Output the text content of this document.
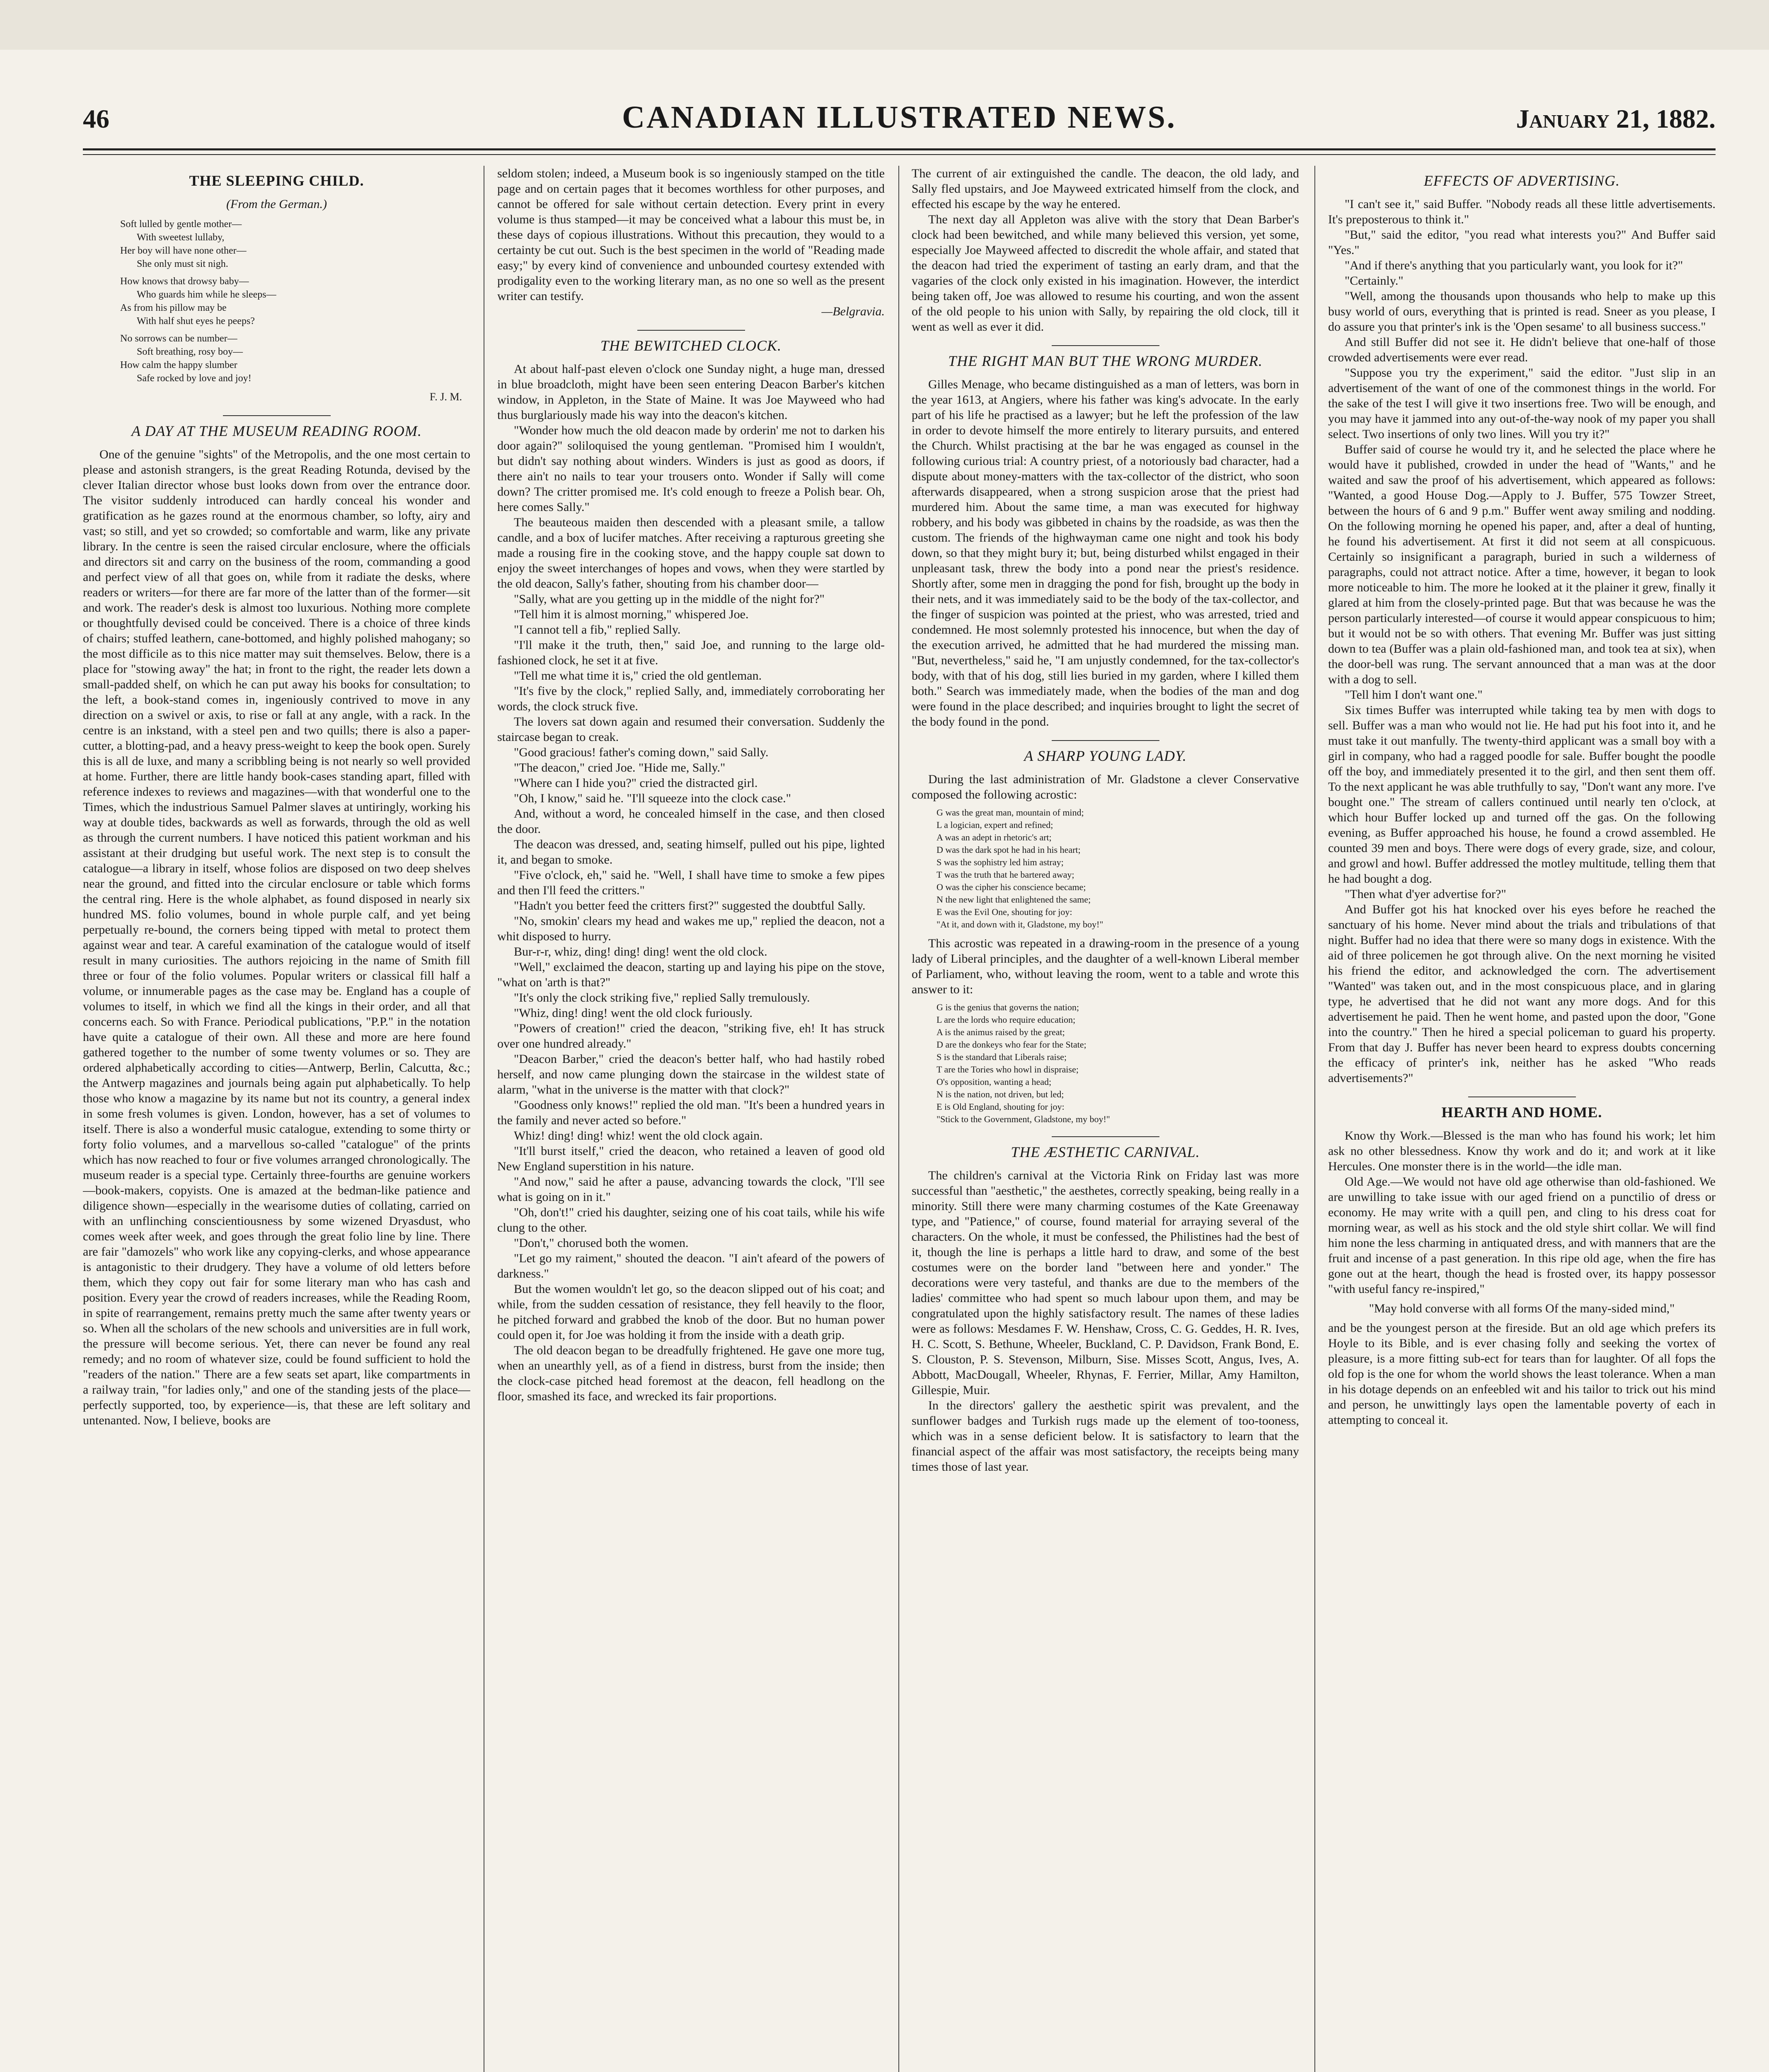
46	CANADIAN ILLUSTRATED NEWS.	January 21, 1882.
THE SLEEPING CHILD.
(From the German.)
Soft lulled by gentle mother—
With sweetest lullaby,
Her boy will have none other—
She only must sit nigh.
How knows that drowsy baby—
Who guards him while he sleeps—
As from his pillow may be
With half shut eyes he peeps?
No sorrows can be number—
Soft breathing, rosy boy—
How calm the happy slumber
Safe rocked by love and joy!
F. J. M.
A DAY AT THE MUSEUM READING ROOM.

One of the genuine "sights" of the Metropolis, and the one most certain to please and astonish strangers, is the great Reading Rotunda, devised by the clever Italian director whose bust looks down from over the entrance door. The visitor suddenly introduced can hardly conceal his wonder and gratification as he gazes round at the enormous chamber, so lofty, airy and vast; so still, and yet so crowded; so comfortable and warm, like any private library. In the centre is seen the raised circular enclosure, where the officials and directors sit and carry on the business of the room, commanding a good and perfect view of all that goes on, while from it radiate the desks, where readers or writers—for there are far more of the latter than of the former—sit and work. The reader's desk is almost too luxurious. Nothing more complete or thoughtfully devised could be conceived. There is a choice of three kinds of chairs; stuffed leathern, cane-bottomed, and highly polished mahogany; so the most difficile as to this nice matter may suit themselves. Below, there is a place for "stowing away" the hat; in front to the right, the reader lets down a small-padded shelf, on which he can put away his books for consultation; to the left, a book-stand comes in, ingeniously contrived to move in any direction on a swivel or axis, to rise or fall at any angle, with a rack. In the centre is an inkstand, with a steel pen and two quills; there is also a paper-cutter, a blotting-pad, and a heavy press-weight to keep the book open. Surely this is all de luxe, and many a scribbling being is not nearly so well provided at home. Further, there are little handy book-cases standing apart, filled with reference indexes to reviews and magazines—with that wonderful one to the Times, which the industrious Samuel Palmer slaves at untiringly, working his way at double tides, backwards as well as forwards, through the old as well as through the current numbers. I have noticed this patient workman and his assistant at their drudging but useful work. The next step is to consult the catalogue—a library in itself, whose folios are disposed on two deep shelves near the ground, and fitted into the circular enclosure or table which forms the central ring. Here is the whole alphabet, as found disposed in nearly six hundred MS. folio volumes, bound in whole purple calf, and yet being perpetually re-bound, the corners being tipped with metal to protect them against wear and tear. A careful examination of the catalogue would of itself result in many curiosities. The authors rejoicing in the name of Smith fill three or four of the folio volumes. Popular writers or classical fill half a volume, or innumerable pages as the case may be. England has a couple of volumes to itself, in which we find all the kings in their order, and all that concerns each. So with France. Periodical publications, "P.P." in the notation have quite a catalogue of their own. All these and more are here found gathered together to the number of some twenty volumes or so. They are ordered alphabetically according to cities—Antwerp, Berlin, Calcutta, &c.; the Antwerp magazines and journals being again put alphabetically. To help those who know a magazine by its name but not its country, a general index in some fresh volumes is given. London, however, has a set of volumes to itself. There is also a wonderful music catalogue, extending to some thirty or forty folio volumes, and a marvellous so-called "catalogue" of the prints which has now reached to four or five volumes arranged chronologically. The museum reader is a special type. Certainly three-fourths are genuine workers—book-makers, copyists. One is amazed at the bedman-like patience and diligence shown—especially in the wearisome duties of collating, carried on with an unflinching conscientiousness by some wizened Dryasdust, who comes week after week, and goes through the great folio line by line. There are fair "damozels" who work like any copying-clerks, and whose appearance is antagonistic to their drudgery. They have a volume of old letters before them, which they copy out fair for some literary man who has cash and position. Every year the crowd of readers increases, while the Reading Room, in spite of rearrangement, remains pretty much the same after twenty years or so. When all the scholars of the new schools and universities are in full work, the pressure will become serious. Yet, there can never be found any real remedy; and no room of whatever size, could be found sufficient to hold the "readers of the nation." There are a few seats set apart, like compartments in a railway train, "for ladies only," and one of the standing jests of the place—perfectly supported, too, by experience—is, that these are left solitary and untenanted. Now, I believe, books are

seldom stolen; indeed, a Museum book is so ingeniously stamped on the title page and on certain pages that it becomes worthless for other purposes, and cannot be offered for sale without certain detection. Every print in every volume is thus stamped—it may be conceived what a labour this must be, in these days of copious illustrations. Without this precaution, they would to a certainty be cut out. Such is the best specimen in the world of "Reading made easy;" by every kind of convenience and unbounded courtesy extended with prodigality even to the working literary man, as no one so well as the present writer can testify.

—Belgravia.
THE BEWITCHED CLOCK.

At about half-past eleven o'clock one Sunday night, a huge man, dressed in blue broadcloth, might have been seen entering Deacon Barber's kitchen window, in Appleton, in the State of Maine. It was Joe Mayweed who had thus burglariously made his way into the deacon's kitchen.

"Wonder how much the old deacon made by orderin' me not to darken his door again?" soliloquised the young gentleman. "Promised him I wouldn't, but didn't say nothing about winders. Winders is just as good as doors, if there ain't no nails to tear your trousers onto. Wonder if Sally will come down? The critter promised me. It's cold enough to freeze a Polish bear. Oh, here comes Sally."

The beauteous maiden then descended with a pleasant smile, a tallow candle, and a box of lucifer matches. After receiving a rapturous greeting she made a rousing fire in the cooking stove, and the happy couple sat down to enjoy the sweet interchanges of hopes and vows, when they were startled by the old deacon, Sally's father, shouting from his chamber door—

"Sally, what are you getting up in the middle of the night for?"

"Tell him it is almost morning," whispered Joe.

"I cannot tell a fib," replied Sally.

"I'll make it the truth, then," said Joe, and running to the large old-fashioned clock, he set it at five.

"Tell me what time it is," cried the old gentleman.

"It's five by the clock," replied Sally, and, immediately corroborating her words, the clock struck five.

The lovers sat down again and resumed their conversation. Suddenly the staircase began to creak.

"Good gracious! father's coming down," said Sally.

"The deacon," cried Joe. "Hide me, Sally."

"Where can I hide you?" cried the distracted girl.

"Oh, I know," said he. "I'll squeeze into the clock case."

And, without a word, he concealed himself in the case, and then closed the door.

The deacon was dressed, and, seating himself, pulled out his pipe, lighted it, and began to smoke.

"Five o'clock, eh," said he. "Well, I shall have time to smoke a few pipes and then I'll feed the critters."

"Hadn't you better feed the critters first?" suggested the doubtful Sally.

"No, smokin' clears my head and wakes me up," replied the deacon, not a whit disposed to hurry.

Bur-r-r, whiz, ding! ding! ding! went the old clock.

"Well," exclaimed the deacon, starting up and laying his pipe on the stove, "what on 'arth is that?"

"It's only the clock striking five," replied Sally tremulously.

"Whiz, ding! ding! went the old clock furiously.

"Powers of creation!" cried the deacon, "striking five, eh! It has struck over one hundred already."

"Deacon Barber," cried the deacon's better half, who had hastily robed herself, and now came plunging down the staircase in the wildest state of alarm, "what in the universe is the matter with that clock?"

"Goodness only knows!" replied the old man. "It's been a hundred years in the family and never acted so before."

Whiz! ding! ding! whiz! went the old clock again.

"It'll burst itself," cried the deacon, who retained a leaven of good old New England superstition in his nature.

"And now," said he after a pause, advancing towards the clock, "I'll see what is going on in it."

"Oh, don't!" cried his daughter, seizing one of his coat tails, while his wife clung to the other.

"Don't," chorused both the women.

"Let go my raiment," shouted the deacon. "I ain't afeard of the powers of darkness."

But the women wouldn't let go, so the deacon slipped out of his coat; and while, from the sudden cessation of resistance, they fell heavily to the floor, he pitched forward and grabbed the knob of the door. But no human power could open it, for Joe was holding it from the inside with a death grip.

The old deacon began to be dreadfully frightened. He gave one more tug, when an unearthly yell, as of a fiend in distress, burst from the inside; then the clock-case pitched head foremost at the deacon, fell headlong on the floor, smashed its face, and wrecked its fair proportions.

The current of air extinguished the candle. The deacon, the old lady, and Sally fled upstairs, and Joe Mayweed extricated himself from the clock, and effected his escape by the way he entered.

The next day all Appleton was alive with the story that Dean Barber's clock had been bewitched, and while many believed this version, yet some, especially Joe Mayweed affected to discredit the whole affair, and stated that the deacon had tried the experiment of tasting an early dram, and that the vagaries of the clock only existed in his imagination. However, the interdict being taken off, Joe was allowed to resume his courting, and won the assent of the old people to his union with Sally, by repairing the old clock, till it went as well as ever it did.

THE RIGHT MAN BUT THE WRONG MURDER.

Gilles Menage, who became distinguished as a man of letters, was born in the year 1613, at Angiers, where his father was king's advocate. In the early part of his life he practised as a lawyer; but he left the profession of the law in order to devote himself the more entirely to literary pursuits, and entered the Church. Whilst practising at the bar he was engaged as counsel in the following curious trial: A country priest, of a notoriously bad character, had a dispute about money-matters with the tax-collector of the district, who soon afterwards disappeared, when a strong suspicion arose that the priest had murdered him. About the same time, a man was executed for highway robbery, and his body was gibbeted in chains by the roadside, as was then the custom. The friends of the highwayman came one night and took his body down, so that they might bury it; but, being disturbed whilst engaged in their unpleasant task, threw the body into a pond near the priest's residence. Shortly after, some men in dragging the pond for fish, brought up the body in their nets, and it was immediately said to be the body of the tax-collector, and the finger of suspicion was pointed at the priest, who was arrested, tried and condemned. He most solemnly protested his innocence, but when the day of the execution arrived, he admitted that he had murdered the missing man. "But, nevertheless," said he, "I am unjustly condemned, for the tax-collector's body, with that of his dog, still lies buried in my garden, where I killed them both." Search was immediately made, when the bodies of the man and dog were found in the place described; and inquiries brought to light the secret of the body found in the pond.

A SHARP YOUNG LADY.

During the last administration of Mr. Gladstone a clever Conservative composed the following acrostic:

G was the great man, mountain of mind;
L a logician, expert and refined;
A was an adept in rhetoric's art;
D was the dark spot he had in his heart;
S was the sophistry led him astray;
T was the truth that he bartered away;
O was the cipher his conscience became;
N the new light that enlightened the same;
E was the Evil One, shouting for joy:
"At it, and down with it, Gladstone, my boy!"

This acrostic was repeated in a drawing-room in the presence of a young lady of Liberal principles, and the daughter of a well-known Liberal member of Parliament, who, without leaving the room, went to a table and wrote this answer to it:

G is the genius that governs the nation;
L are the lords who require education;
A is the animus raised by the great;
D are the donkeys who fear for the State;
S is the standard that Liberals raise;
T are the Tories who howl in dispraise;
O's opposition, wanting a head;
N is the nation, not driven, but led;
E is Old England, shouting for joy:
"Stick to the Government, Gladstone, my boy!"
THE ÆSTHETIC CARNIVAL.

The children's carnival at the Victoria Rink on Friday last was more successful than "aesthetic," the aesthetes, correctly speaking, being really in a minority. Still there were many charming costumes of the Kate Greenaway type, and "Patience," of course, found material for arraying several of the characters. On the whole, it must be confessed, the Philistines had the best of it, though the line is perhaps a little hard to draw, and some of the best costumes were on the border land "between here and yonder." The decorations were very tasteful, and thanks are due to the members of the ladies' committee who had spent so much labour upon them, and may be congratulated upon the highly satisfactory result. The names of these ladies were as follows: Mesdames F. W. Henshaw, Cross, C. G. Geddes, H. R. Ives, H. C. Scott, S. Bethune, Wheeler, Buckland, C. P. Davidson, Frank Bond, E. S. Clouston, P. S. Stevenson, Milburn, Sise. Misses Scott, Angus, Ives, A. Abbott, MacDougall, Wheeler, Rhynas, F. Ferrier, Millar, Amy Hamilton, Gillespie, Muir.

In the directors' gallery the aesthetic spirit was prevalent, and the sunflower badges and Turkish rugs made up the element of too-tooness, which was in a sense deficient below. It is satisfactory to learn that the financial aspect of the affair was most satisfactory, the receipts being many times those of last year.

EFFECTS OF ADVERTISING.

"I can't see it," said Buffer. "Nobody reads all these little advertisements. It's preposterous to think it."

"But," said the editor, "you read what interests you?" And Buffer said "Yes."

"And if there's anything that you particularly want, you look for it?"

"Certainly."

"Well, among the thousands upon thousands who help to make up this busy world of ours, everything that is printed is read. Sneer as you please, I do assure you that printer's ink is the 'Open sesame' to all business success."

And still Buffer did not see it. He didn't believe that one-half of those crowded advertisements were ever read.

"Suppose you try the experiment," said the editor. "Just slip in an advertisement of the want of one of the commonest things in the world. For the sake of the test I will give it two insertions free. Two will be enough, and you may have it jammed into any out-of-the-way nook of my paper you shall select. Two insertions of only two lines. Will you try it?"

Buffer said of course he would try it, and he selected the place where he would have it published, crowded in under the head of "Wants," and he waited and saw the proof of his advertisement, which appeared as follows: "Wanted, a good House Dog.—Apply to J. Buffer, 575 Towzer Street, between the hours of 6 and 9 p.m." Buffer went away smiling and nodding. On the following morning he opened his paper, and, after a deal of hunting, he found his advertisement. At first it did not seem at all conspicuous. Certainly so insignificant a paragraph, buried in such a wilderness of paragraphs, could not attract notice. After a time, however, it began to look more noticeable to him. The more he looked at it the plainer it grew, finally it glared at him from the closely-printed page. But that was because he was the person particularly interested—of course it would appear conspicuous to him; but it would not be so with others. That evening Mr. Buffer was just sitting down to tea (Buffer was a plain old-fashioned man, and took tea at six), when the door-bell was rung. The servant announced that a man was at the door with a dog to sell.

"Tell him I don't want one."

Six times Buffer was interrupted while taking tea by men with dogs to sell. Buffer was a man who would not lie. He had put his foot into it, and he must take it out manfully. The twenty-third applicant was a small boy with a girl in company, who had a ragged poodle for sale. Buffer bought the poodle off the boy, and immediately presented it to the girl, and then sent them off. To the next applicant he was able truthfully to say, "Don't want any more. I've bought one." The stream of callers continued until nearly ten o'clock, at which hour Buffer locked up and turned off the gas. On the following evening, as Buffer approached his house, he found a crowd assembled. He counted 39 men and boys. There were dogs of every grade, size, and colour, and growl and howl. Buffer addressed the motley multitude, telling them that he had bought a dog.

"Then what d'yer advertise for?"

And Buffer got his hat knocked over his eyes before he reached the sanctuary of his home. Never mind about the trials and tribulations of that night. Buffer had no idea that there were so many dogs in existence. With the aid of three policemen he got through alive. On the next morning he visited his friend the editor, and acknowledged the corn. The advertisement "Wanted" was taken out, and in the most conspicuous place, and in glaring type, he advertised that he did not want any more dogs. And for this advertisement he paid. Then he went home, and pasted upon the door, "Gone into the country." Then he hired a special policeman to guard his property. From that day J. Buffer has never been heard to express doubts concerning the efficacy of printer's ink, neither has he asked "Who reads advertisements?"

HEARTH AND HOME.

Know thy Work.—Blessed is the man who has found his work; let him ask no other blessedness. Know thy work and do it; and work at it like Hercules. One monster there is in the world—the idle man.

Old Age.—We would not have old age otherwise than old-fashioned. We are unwilling to take issue with our aged friend on a punctilio of dress or economy. He may write with a quill pen, and cling to his dress coat for morning wear, as well as his stock and the old style shirt collar. We will find him none the less charming in antiquated dress, and with manners that are the fruit and incense of a past generation. In this ripe old age, when the fire has gone out at the heart, though the head is frosted over, its happy possessor "with useful fancy re-inspired,"

"May hold converse with all forms Of the many-sided mind,"

and be the youngest person at the fireside. But an old age which prefers its Hoyle to its Bible, and is ever chasing folly and seeking the vortex of pleasure, is a more fitting sub-ect for tears than for laughter. Of all fops the old fop is the one for whom the world shows the least tolerance. When a man in his dotage depends on an enfeebled wit and his tailor to trick out his mind and person, he unwittingly lays open the lamentable poverty of each in attempting to conceal it.
